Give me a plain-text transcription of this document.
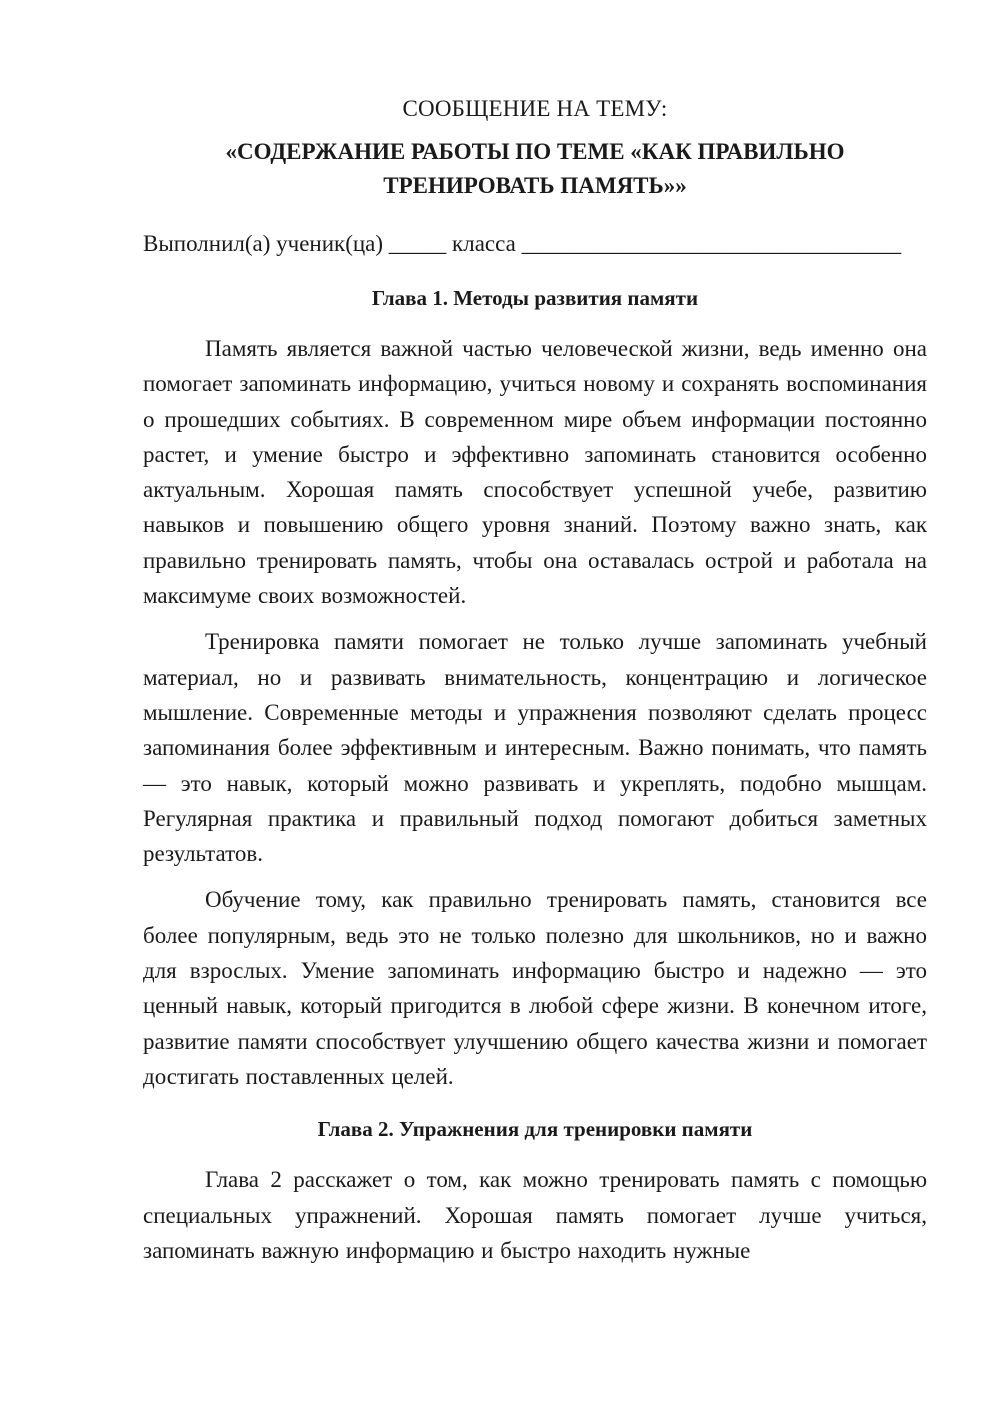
СООБЩЕНИЕ НА ТЕМУ:

«СОДЕРЖАНИЕ РАБОТЫ ПО ТЕМЕ «КАК ПРАВИЛЬНО ТРЕНИРОВАТЬ ПАМЯТЬ»»

Выполнил(а) ученик(ца) _____ класса _________________________________

Глава 1. Методы развития памяти

Память является важной частью человеческой жизни, ведь именно она помогает запоминать информацию, учиться новому и сохранять воспоминания о прошедших событиях. В современном мире объем информации постоянно растет, и умение быстро и эффективно запоминать становится особенно актуальным. Хорошая память способствует успешной учебе, развитию навыков и повышению общего уровня знаний. Поэтому важно знать, как правильно тренировать память, чтобы она оставалась острой и работала на максимуме своих возможностей.

Тренировка памяти помогает не только лучше запоминать учебный материал, но и развивать внимательность, концентрацию и логическое мышление. Современные методы и упражнения позволяют сделать процесс запоминания более эффективным и интересным. Важно понимать, что память — это навык, который можно развивать и укреплять, подобно мышцам. Регулярная практика и правильный подход помогают добиться заметных результатов.

Обучение тому, как правильно тренировать память, становится все более популярным, ведь это не только полезно для школьников, но и важно для взрослых. Умение запоминать информацию быстро и надежно — это ценный навык, который пригодится в любой сфере жизни. В конечном итоге, развитие памяти способствует улучшению общего качества жизни и помогает достигать поставленных целей.

Глава 2. Упражнения для тренировки памяти

Глава 2 расскажет о том, как можно тренировать память с помощью специальных упражнений. Хорошая память помогает лучше учиться, запоминать важную информацию и быстро находить нужные
